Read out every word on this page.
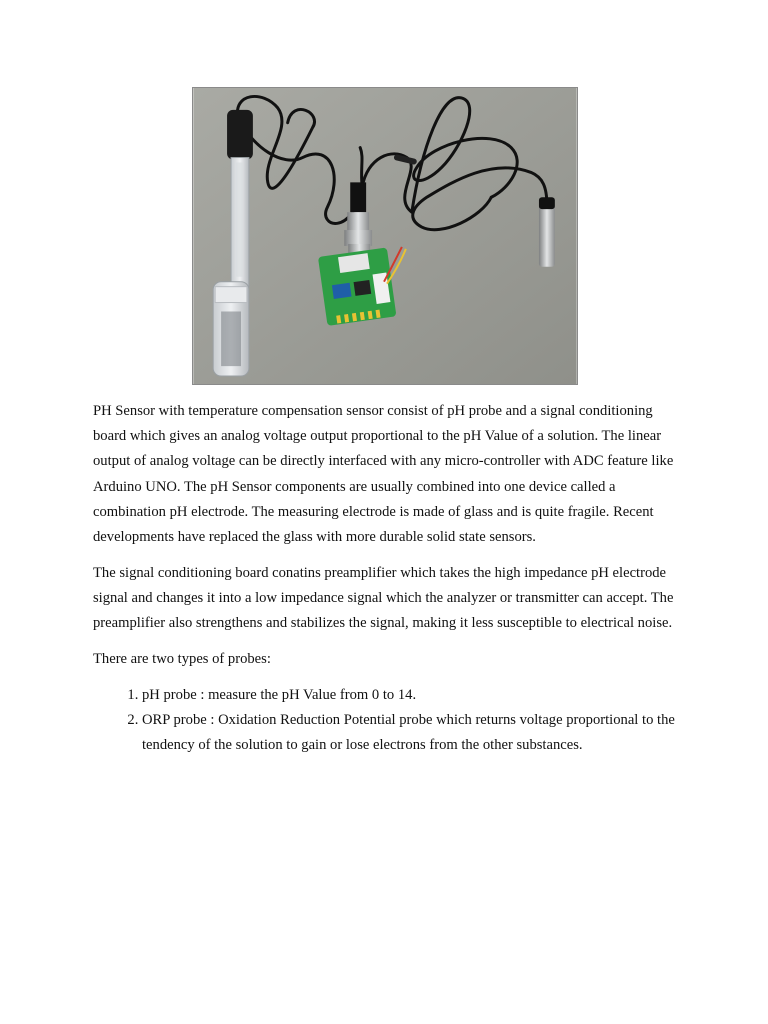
PH Sensor with temperature compensation sensor consist of pH probe and a signal conditioning board which gives an analog voltage output proportional to the pH Value of a solution. The linear output of analog voltage can be directly interfaced with any micro-controller with ADC feature like Arduino UNO. The pH Sensor components are usually combined into one device called a combination pH electrode. The measuring electrode is made of glass and is quite fragile. Recent developments have replaced the glass with more durable solid state sensors.

The signal conditioning board conatins preamplifier which takes the high impedance pH electrode signal and changes it into a low impedance signal which the analyzer or transmitter can accept. The preamplifier also strengthens and stabilizes the signal, making it less susceptible to electrical noise.

There are two types of probes:

1. pH probe : measure the pH Value from 0 to 14.
2. ORP probe : Oxidation Reduction Potential probe which returns voltage proportional to the tendency of the solution to gain or lose electrons from the other substances.
